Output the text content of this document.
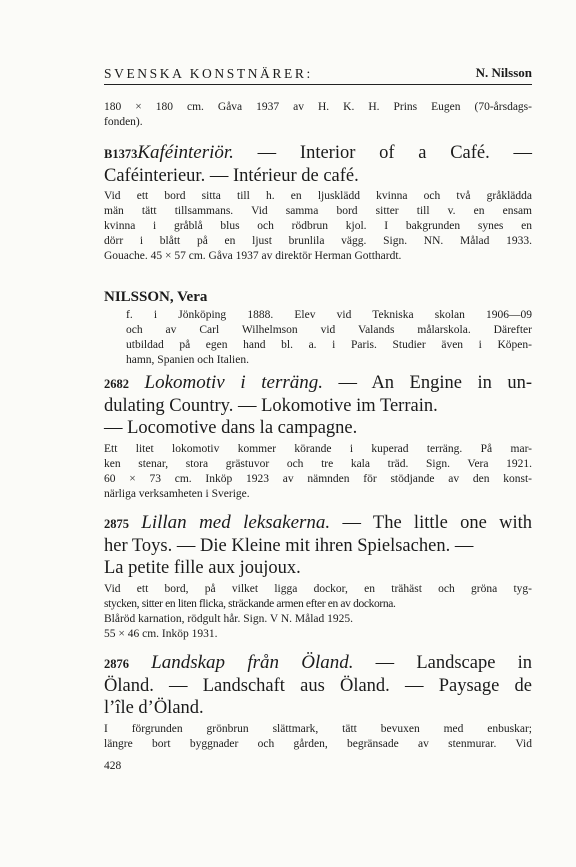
SVENSKA KONSTNÄRER:	N. Nilsson
180 × 180 cm. Gåva 1937 av H. K. H. Prins Eugen (70-årsdags-
fonden).
B1373Kaféinteriör. — Interior of a Café. —
Caféinterieur. — Intérieur de café.
Vid ett bord sitta till h. en ljusklädd kvinna och två gråklädda
män tätt tillsammans. Vid samma bord sitter till v. en ensam
kvinna i gråblå blus och rödbrun kjol. I bakgrunden synes en
dörr i blått på en ljust brunlila vägg. Sign. NN. Målad 1933.
Gouache. 45 × 57 cm. Gåva 1937 av direktör Herman Gotthardt.
NILSSON, Vera
f. i Jönköping 1888. Elev vid Tekniska skolan 1906—09
och av Carl Wilhelmson vid Valands målarskola. Därefter
utbildad på egen hand bl. a. i Paris. Studier även i Köpen-
hamn, Spanien och Italien.
2682 Lokomotiv i terräng. — An Engine in un-
dulating Country. — Lokomotive im Terrain.
— Locomotive dans la campagne.
Ett litet lokomotiv kommer körande i kuperad terräng. På mar-
ken stenar, stora grästuvor och tre kala träd. Sign. Vera 1921.
60 × 73 cm. Inköp 1923 av nämnden för stödjande av den konst-
närliga verksamheten i Sverige.
2875 Lillan med leksakerna. — The little one with
her Toys. — Die Kleine mit ihren Spielsachen. —
La petite fille aux joujoux.
Vid ett bord, på vilket ligga dockor, en trähäst och gröna tyg-
stycken, sitter en liten flicka, sträckande armen efter en av dockorna.
Blåröd karnation, rödgult hår. Sign. V N. Målad 1925.
55 × 46 cm. Inköp 1931.
2876 Landskap från Öland. — Landscape in
Öland. — Landschaft aus Öland. — Paysage de
l’île d’Öland.
I förgrunden grönbrun slättmark, tätt bevuxen med enbuskar;
längre bort byggnader och gården, begränsade av stenmurar. Vid
428
